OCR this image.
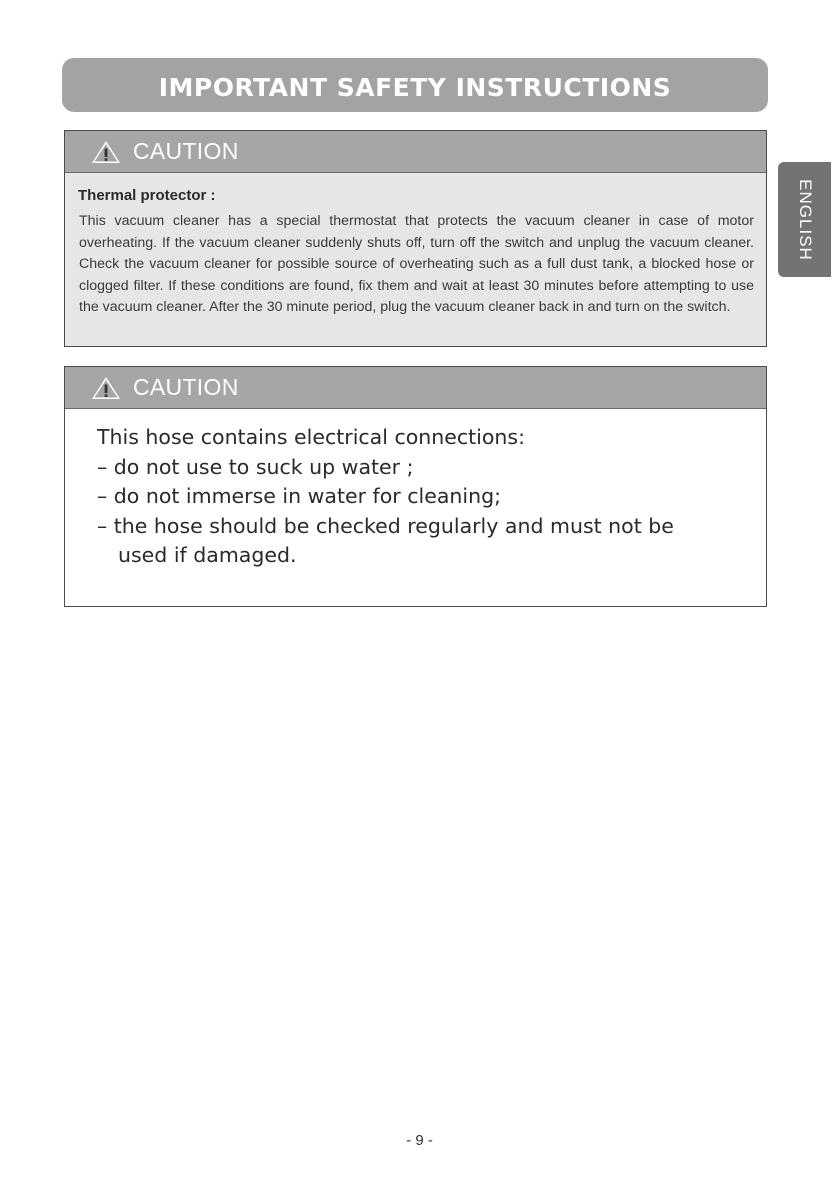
IMPORTANT SAFETY INSTRUCTIONS
ENGLISH
CAUTION
Thermal protector :
This vacuum cleaner has a special thermostat that protects the vacuum cleaner in case of motor overheating. If the vacuum cleaner suddenly shuts off, turn off the switch and unplug the vacuum cleaner. Check the vacuum cleaner for possible source of overheating such as a full dust tank, a blocked hose or clogged filter. If these conditions are found, fix them and wait at least 30 minutes before attempting to use the vacuum cleaner. After the 30 minute period, plug the vacuum cleaner back in and turn on the switch.
CAUTION
This hose contains electrical connections:
– do not use to suck up water ;
– do not immerse in water for cleaning;
– the hose should be checked regularly and must not be
used if damaged.
- 9 -
